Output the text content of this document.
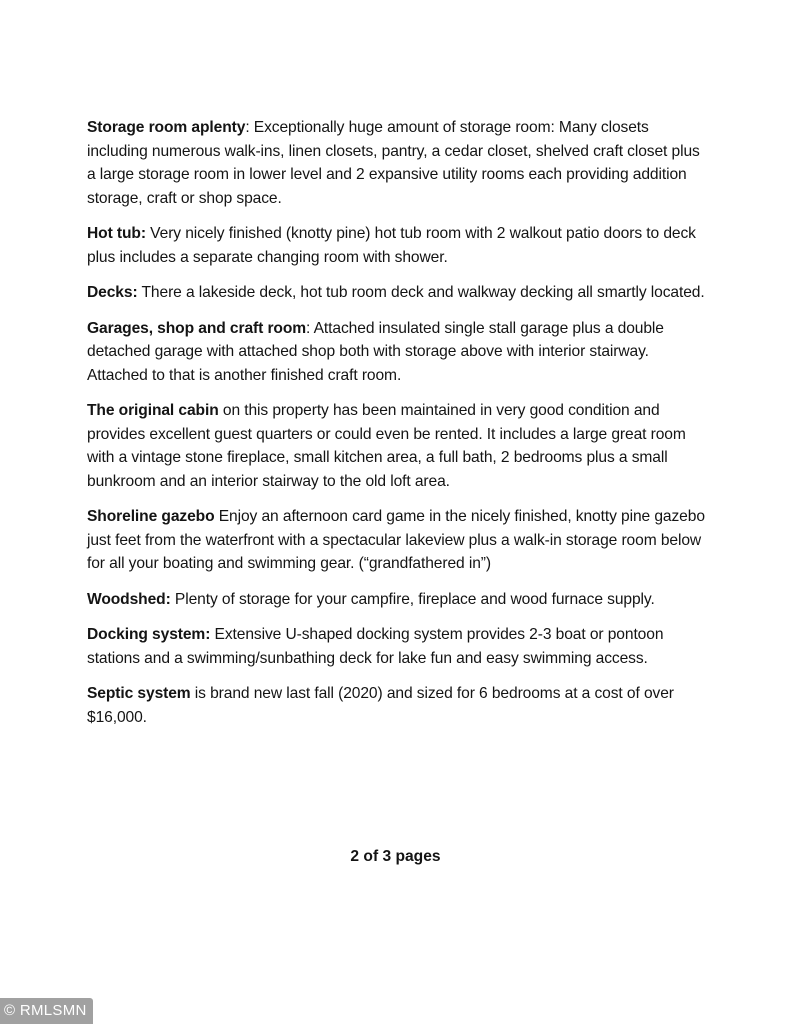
Storage room aplenty: Exceptionally huge amount of storage room: Many closets including numerous walk-ins, linen closets, pantry, a cedar closet, shelved craft closet plus a large storage room in lower level and 2 expansive utility rooms each providing addition storage, craft or shop space.

Hot tub: Very nicely finished (knotty pine) hot tub room with 2 walkout patio doors to deck plus includes a separate changing room with shower.

Decks: There a lakeside deck, hot tub room deck and walkway decking all smartly located.

Garages, shop and craft room: Attached insulated single stall garage plus a double detached garage with attached shop both with storage above with interior stairway. Attached to that is another finished craft room.

The original cabin on this property has been maintained in very good condition and provides excellent guest quarters or could even be rented. It includes a large great room with a vintage stone fireplace, small kitchen area, a full bath, 2 bedrooms plus a small bunkroom and an interior stairway to the old loft area.

Shoreline gazebo Enjoy an afternoon card game in the nicely finished, knotty pine gazebo just feet from the waterfront with a spectacular lakeview plus a walk-in storage room below for all your boating and swimming gear. (“grandfathered in”)

Woodshed: Plenty of storage for your campfire, fireplace and wood furnace supply.

Docking system: Extensive U-shaped docking system provides 2-3 boat or pontoon stations and a swimming/sunbathing deck for lake fun and easy swimming access.

Septic system is brand new last fall (2020) and sized for 6 bedrooms at a cost of over $16,000.

2 of 3 pages
© RMLSMN
